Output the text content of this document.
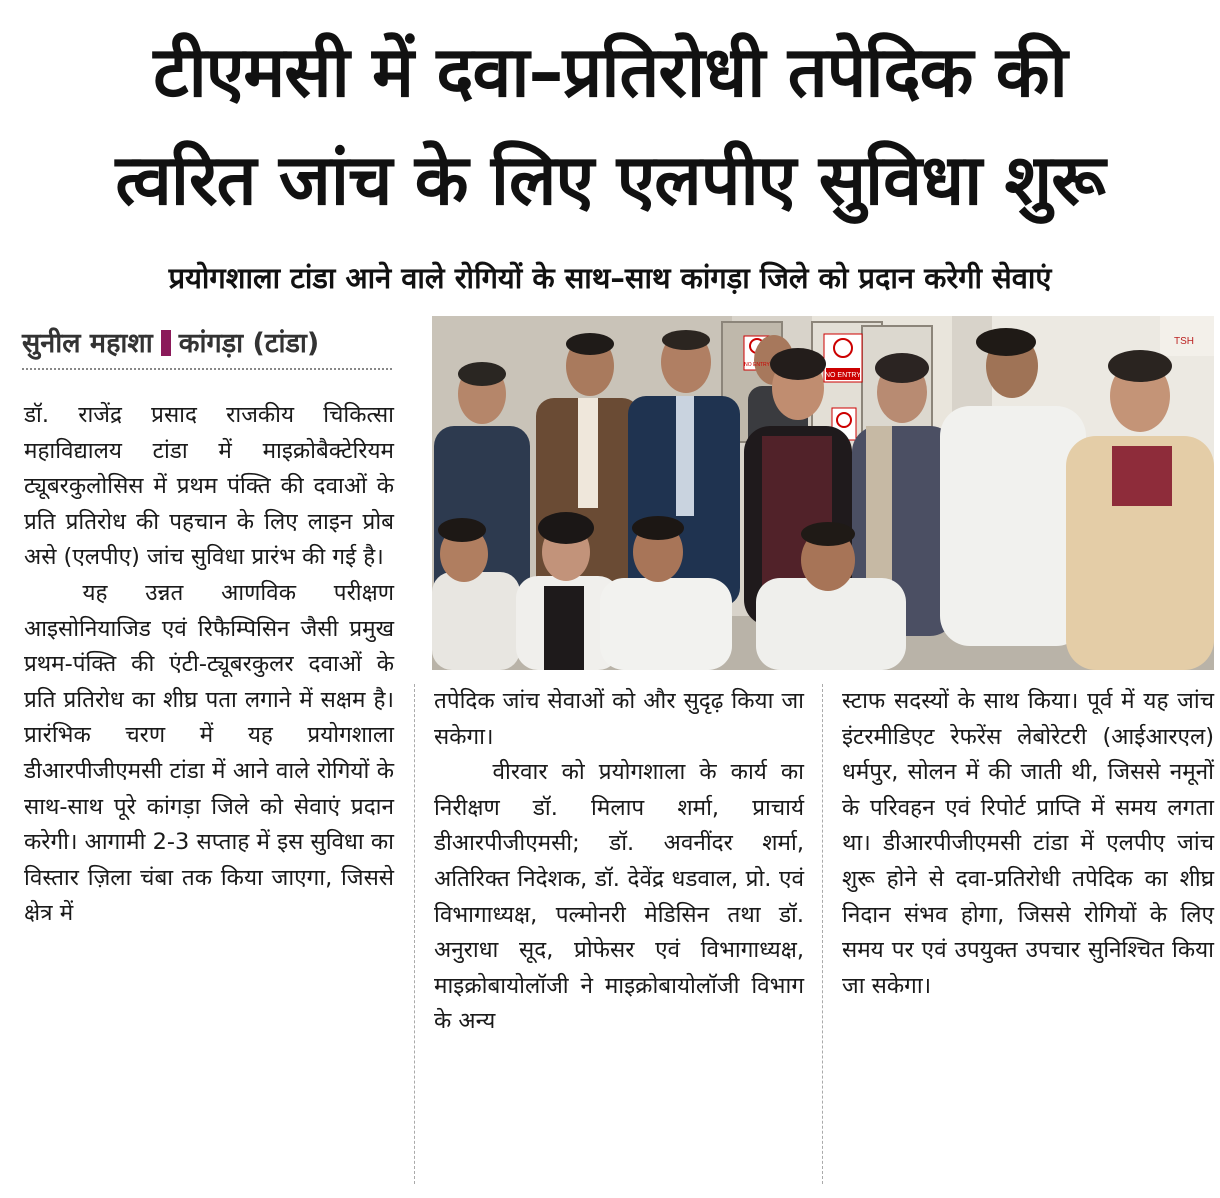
टीएमसी में दवा–प्रतिरोधी तपेदिक की
त्वरित जांच के लिए एलपीए सुविधा शुरू
प्रयोगशाला टांडा आने वाले रोगियों के साथ–साथ कांगड़ा जिले को प्रदान करेगी सेवाएं
सुनील महाशा कांगड़ा (टांडा)
NO ENTRY
TSH
NO ENTRY

डॉ. राजेंद्र प्रसाद राजकीय चिकित्सा महाविद्यालय टांडा में माइक्रोबैक्टेरियम ट्यूबरकुलोसिस में प्रथम पंक्ति की दवाओं के प्रति प्रतिरोध की पहचान के लिए लाइन प्रोब असे (एलपीए) जांच सुविधा प्रारंभ की गई है।

यह उन्नत आणविक परीक्षण आइसोनियाजिड एवं रिफैम्पिसिन जैसी प्रमुख प्रथम-पंक्ति की एंटी-ट्यूबरकुलर दवाओं के प्रति प्रतिरोध का शीघ्र पता लगाने में सक्षम है। प्रारंभिक चरण में यह प्रयोगशाला डीआरपीजीएमसी टांडा में आने वाले रोगियों के साथ-साथ पूरे कांगड़ा जिले को सेवाएं प्रदान करेगी। आगामी 2-3 सप्ताह में इस सुविधा का विस्तार ज़िला चंबा तक किया जाएगा, जिससे क्षेत्र में

तपेदिक जांच सेवाओं को और सुदृढ़ किया जा सकेगा।

वीरवार को प्रयोगशाला के कार्य का निरीक्षण डॉ. मिलाप शर्मा, प्राचार्य डीआरपीजीएमसी; डॉ. अवनींदर शर्मा, अतिरिक्त निदेशक, डॉ. देवेंद्र धडवाल, प्रो. एवं विभागाध्यक्ष, पल्मोनरी मेडिसिन तथा डॉ. अनुराधा सूद, प्रोफेसर एवं विभागाध्यक्ष, माइक्रोबायोलॉजी ने माइक्रोबायोलॉजी विभाग के अन्य

स्टाफ सदस्यों के साथ किया। पूर्व में यह जांच इंटरमीडिएट रेफरेंस लेबोरेटरी (आईआरएल) धर्मपुर, सोलन में की जाती थी, जिससे नमूनों के परिवहन एवं रिपोर्ट प्राप्ति में समय लगता था। डीआरपीजीएमसी टांडा में एलपीए जांच शुरू होने से दवा-प्रतिरोधी तपेदिक का शीघ्र निदान संभव होगा, जिससे रोगियों के लिए समय पर एवं उपयुक्त उपचार सुनिश्चित किया जा सकेगा।
